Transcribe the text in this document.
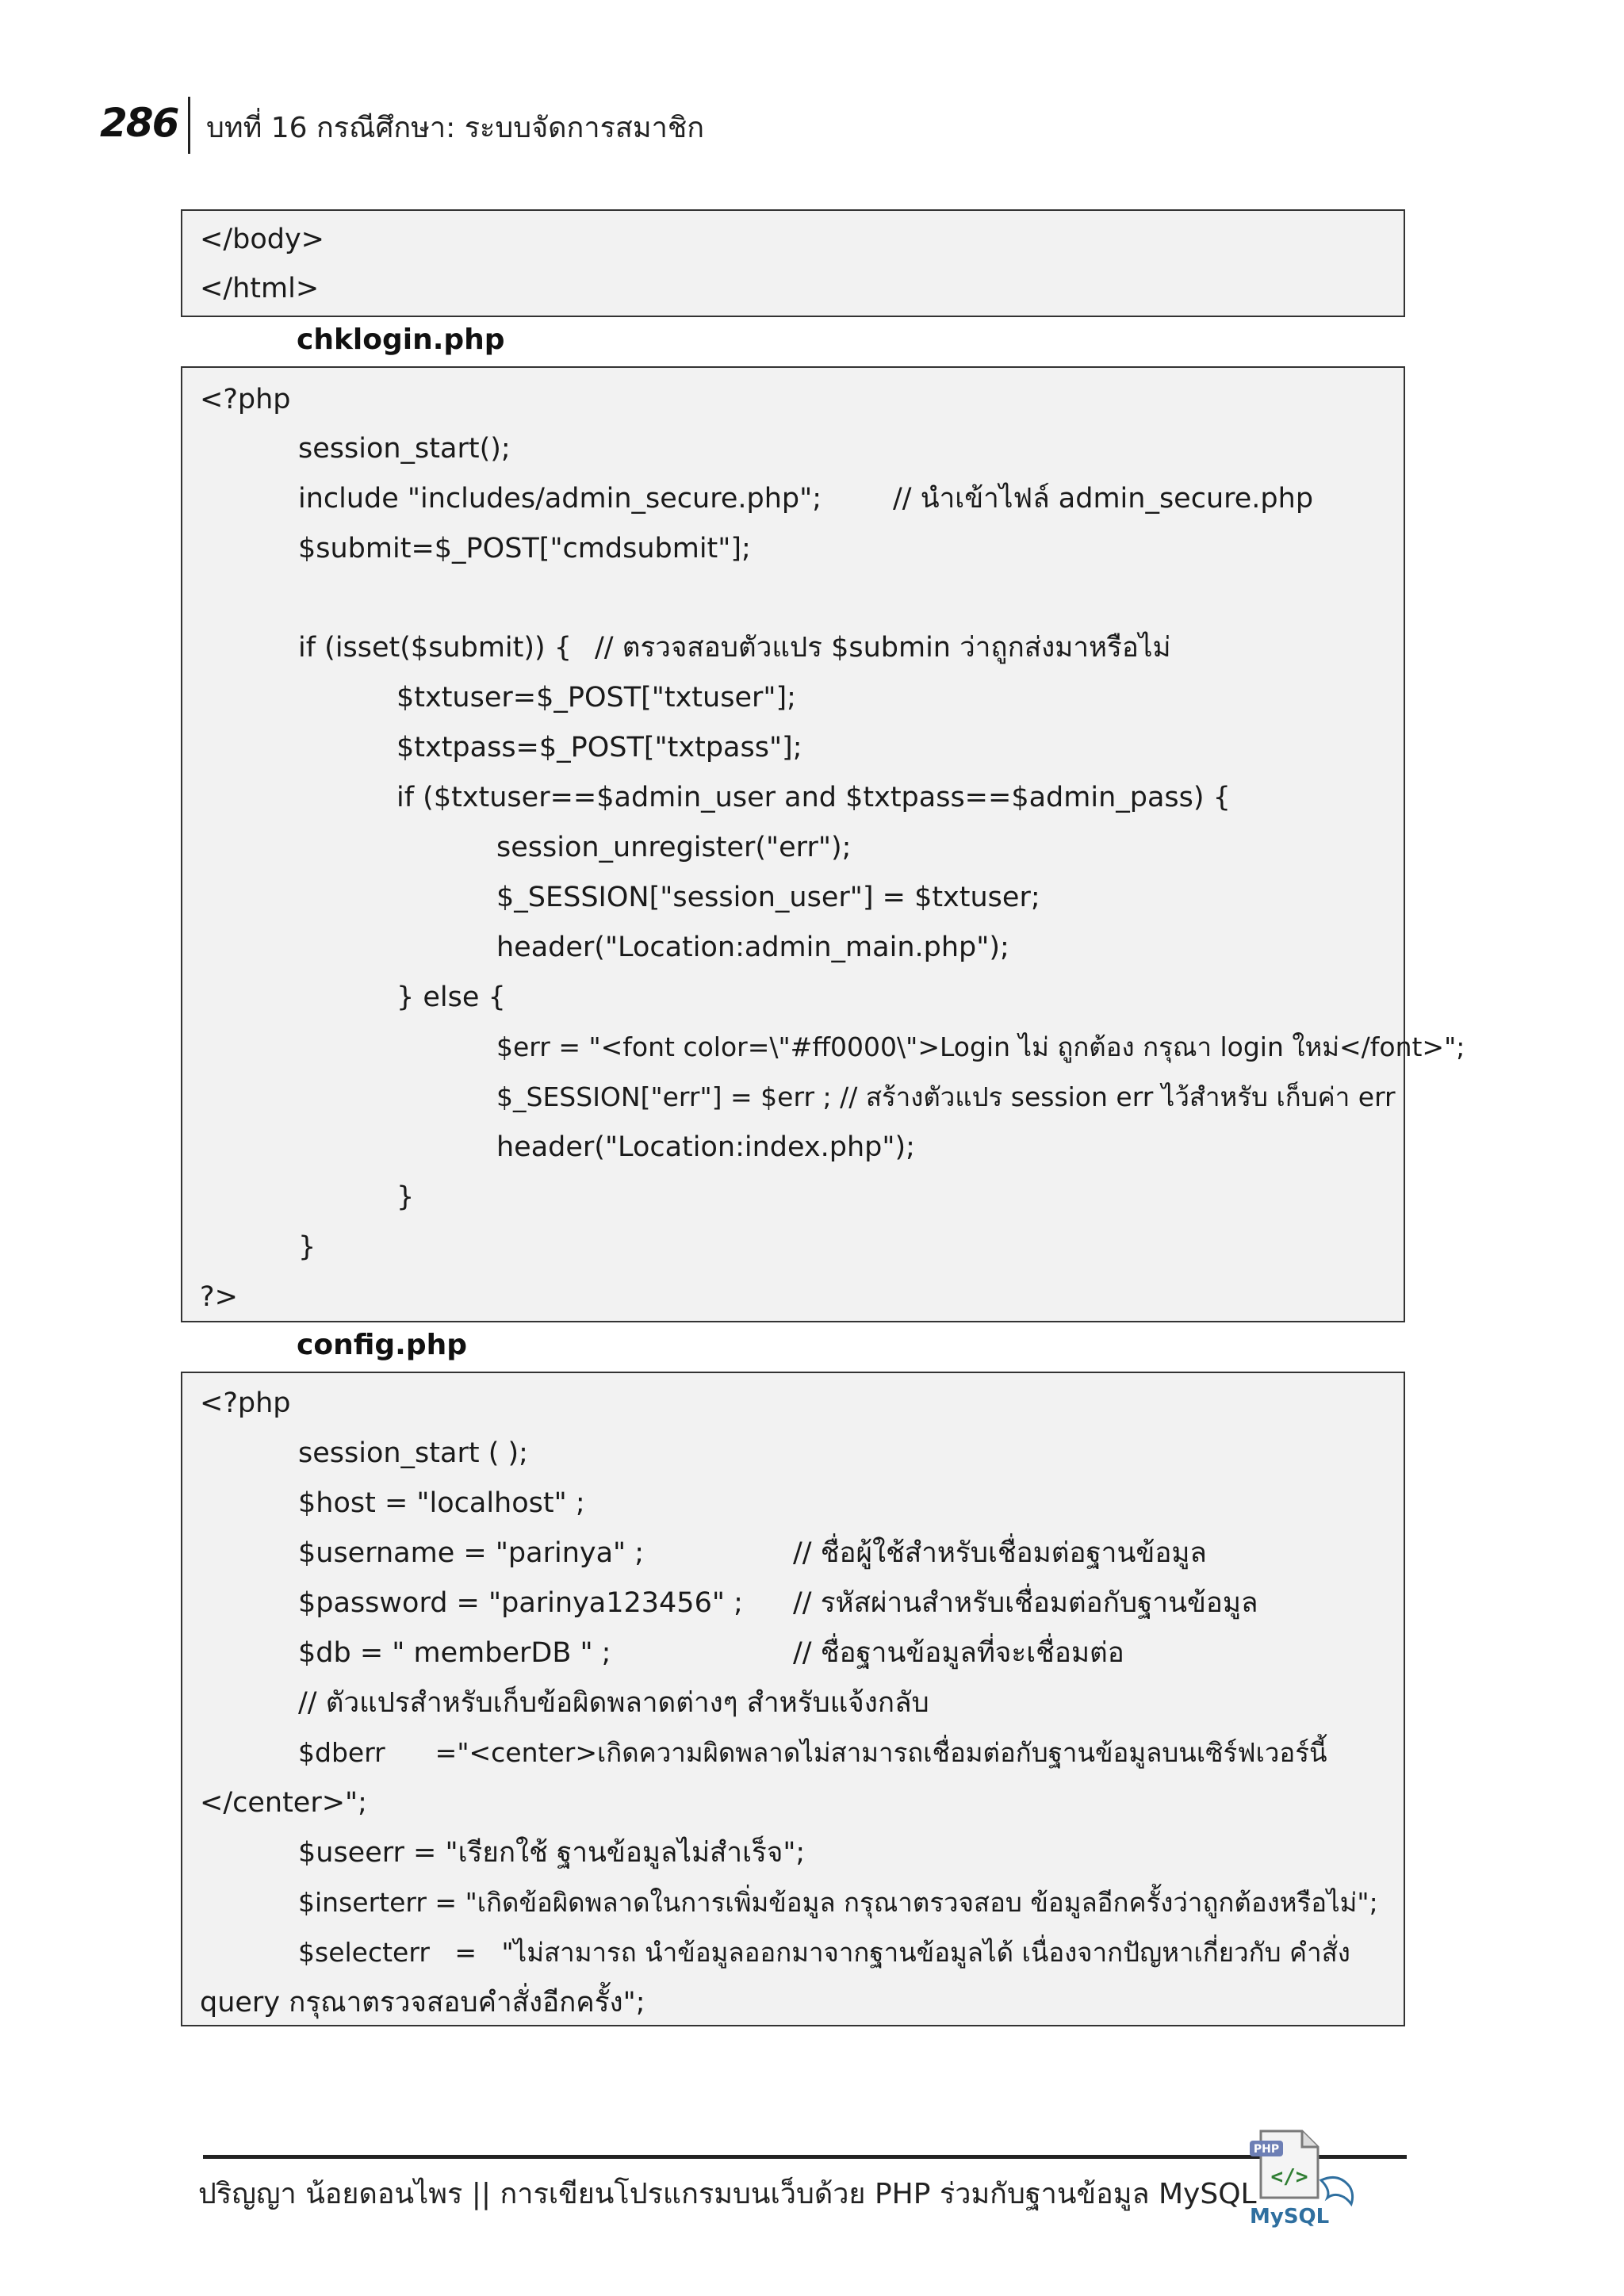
286 บทที่ 16 กรณีศึกษา: ระบบจัดการสมาชิก
</body>
</html>
chklogin.php
<?php
session_start();
include "includes/admin_secure.php";	// นำเข้าไฟล์ admin_secure.php
$submit=$_POST["cmdsubmit"];
if (isset($submit)) { // ตรวจสอบตัวแปร $submin ว่าถูกส่งมาหรือไม่
$txtuser=$_POST["txtuser"];
$txtpass=$_POST["txtpass"];
if ($txtuser==$admin_user and $txtpass==$admin_pass) {
session_unregister("err");
$_SESSION["session_user"] = $txtuser;
header("Location:admin_main.php");
} else {
$err = "<font color=\"#ff0000\">Login ไม่ ถูกต้อง กรุณา login ใหม่</font>";
$_SESSION["err"] = $err ; // สร้างตัวแปร session err ไว้สำหรับ เก็บค่า err
header("Location:index.php");
}
}
?>
config.php
<?php
session_start ( );
$host = "localhost" ;
$username = "parinya" ;	// ชื่อผู้ใช้สำหรับเชื่อมต่อฐานข้อมูล
$password = "parinya123456" ; // รหัสผ่านสำหรับเชื่อมต่อกับฐานข้อมูล
$db = " memberDB " ;	// ชื่อฐานข้อมูลที่จะเชื่อมต่อ
// ตัวแปรสำหรับเก็บข้อผิดพลาดต่างๆ สำหรับแจ้งกลับ
$dberr      ="<center>เกิดความผิดพลาดไม่สามารถเชื่อมต่อกับฐานข้อมูลบนเซิร์ฟเวอร์นี้
</center>";
$useerr = "เรียกใช้ ฐานข้อมูลไม่สำเร็จ";
$inserterr = "เกิดข้อผิดพลาดในการเพิ่มข้อมูล กรุณาตรวจสอบ ข้อมูลอีกครั้งว่าถูกต้องหรือไม่";
$selecterr   =   "ไม่สามารถ นำข้อมูลออกมาจากฐานข้อมูลได้ เนื่องจากปัญหาเกี่ยวกับ คำสั่ง
query กรุณาตรวจสอบคำสั่งอีกครั้ง";
ปริญญา น้อยดอนไพร || การเขียนโปรแกรมบนเว็บด้วย PHP ร่วมกับฐานข้อมูล MySQL
PHP
</>
MySQL
